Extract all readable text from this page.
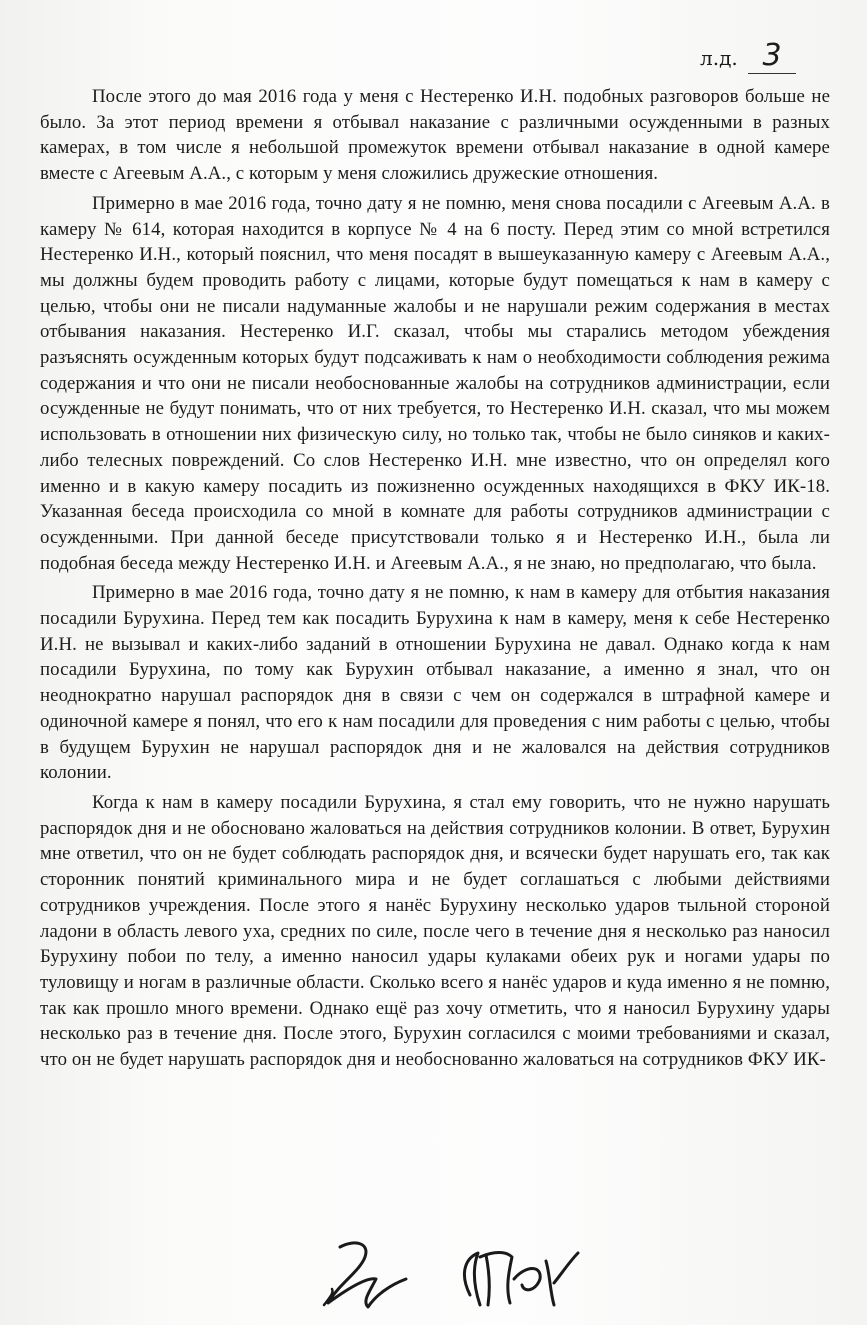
л.д. 3

После этого до мая 2016 года у меня с Нестеренко И.Н. подобных разговоров больше не было. За этот период времени я отбывал наказание с различными осужденными в разных камерах, в том числе я небольшой промежуток времени отбывал наказание в одной камере вместе с Агеевым А.А., с которым у меня сложились дружеские отношения.

Примерно в мае 2016 года, точно дату я не помню, меня снова посадили с Агеевым А.А. в камеру № 614, которая находится в корпусе № 4 на 6 посту. Перед этим со мной встретился Нестеренко И.Н., который пояснил, что меня посадят в вышеуказанную камеру с Агеевым А.А., мы должны будем проводить работу с лицами, которые будут помещаться к нам в камеру с целью, чтобы они не писали надуманные жалобы и не нарушали режим содержания в местах отбывания наказания. Нестеренко И.Г. сказал, чтобы мы старались методом убеждения разъяснять осужденным которых будут подсаживать к нам о необходимости соблюдения режима содержания и что они не писали необоснованные жалобы на сотрудников администрации, если осужденные не будут понимать, что от них требуется, то Нестеренко И.Н. сказал, что мы можем использовать в отношении них физическую силу, но только так, чтобы не было синяков и каких-либо телесных повреждений. Со слов Нестеренко И.Н. мне известно, что он определял кого именно и в какую камеру посадить из пожизненно осужденных находящихся в ФКУ ИК-18. Указанная беседа происходила со мной в комнате для работы сотрудников администрации с осужденными. При данной беседе присутствовали только я и Нестеренко И.Н., была ли подобная беседа между Нестеренко И.Н. и Агеевым А.А., я не знаю, но предполагаю, что была.

Примерно в мае 2016 года, точно дату я не помню, к нам в камеру для отбытия наказания посадили Бурухина. Перед тем как посадить Бурухина к нам в камеру, меня к себе Нестеренко И.Н. не вызывал и каких-либо заданий в отношении Бурухина не давал. Однако когда к нам посадили Бурухина, по тому как Бурухин отбывал наказание, а именно я знал, что он неоднократно нарушал распорядок дня в связи с чем он содержался в штрафной камере и одиночной камере я понял, что его к нам посадили для проведения с ним работы с целью, чтобы в будущем Бурухин не нарушал распорядок дня и не жаловался на действия сотрудников колонии.

Когда к нам в камеру посадили Бурухина, я стал ему говорить, что не нужно нарушать распорядок дня и не обосновано жаловаться на действия сотрудников колонии. В ответ, Бурухин мне ответил, что он не будет соблюдать распорядок дня, и всячески будет нарушать его, так как сторонник понятий криминального мира и не будет соглашаться с любыми действиями сотрудников учреждения. После этого я нанёс Бурухину несколько ударов тыльной стороной ладони в область левого уха, средних по силе, после чего в течение дня я несколько раз наносил Бурухину побои по телу, а именно наносил удары кулаками обеих рук и ногами удары по туловищу и ногам в различные области. Сколько всего я нанёс ударов и куда именно я не помню, так как прошло много времени. Однако ещё раз хочу отметить, что я наносил Бурухину удары несколько раз в течение дня. После этого, Бурухин согласился с моими требованиями и сказал, что он не будет нарушать распорядок дня и необоснованно жаловаться на сотрудников ФКУ ИК-
